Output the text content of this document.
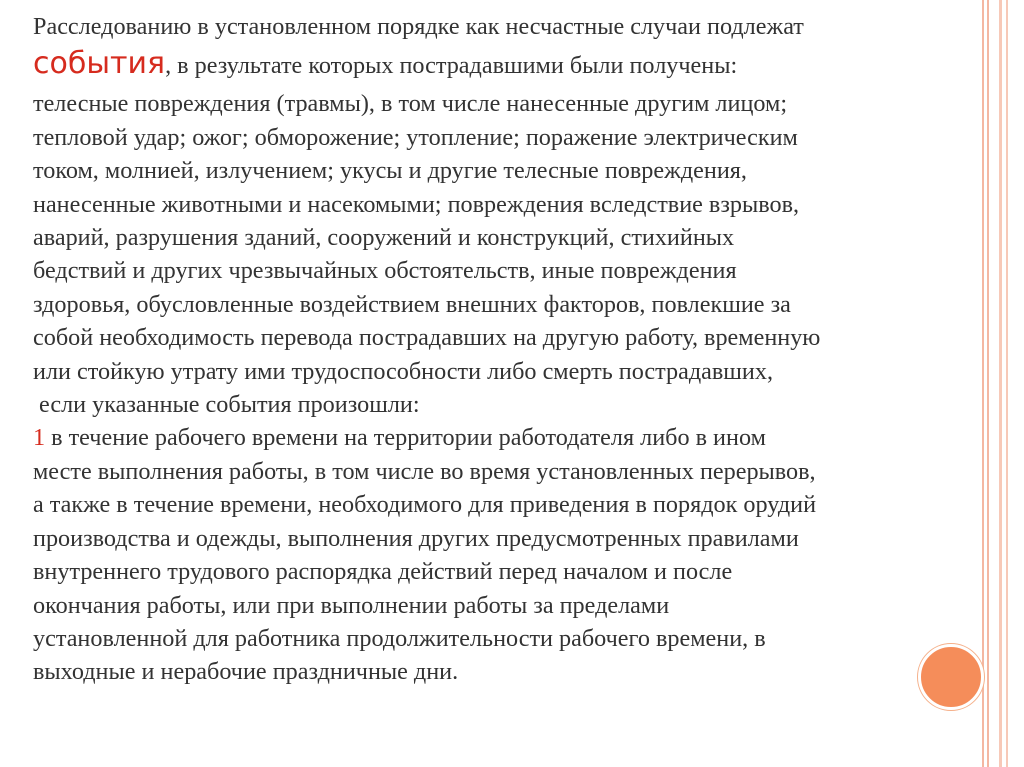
Расследованию в установленном порядке как несчастные случаи подлежат
события, в результате которых пострадавшими были получены:
телесные повреждения (травмы), в том числе нанесенные другим лицом;
тепловой удар; ожог; обморожение; утопление; поражение электрическим
током, молнией, излучением; укусы и другие телесные повреждения,
нанесенные животными и насекомыми; повреждения вследствие взрывов,
аварий, разрушения зданий, сооружений и конструкций, стихийных
бедствий и других чрезвычайных обстоятельств, иные повреждения
здоровья, обусловленные воздействием внешних факторов, повлекшие за
собой необходимость перевода пострадавших на другую работу, временную
или стойкую утрату ими трудоспособности либо смерть пострадавших,
если указанные события произошли:
1 в течение рабочего времени на территории работодателя либо в ином
месте выполнения работы, в том числе во время установленных перерывов,
а также в течение времени, необходимого для приведения в порядок орудий
производства и одежды, выполнения других предусмотренных правилами
внутреннего трудового распорядка действий перед началом и после
окончания работы, или при выполнении работы за пределами
установленной для работника продолжительности рабочего времени, в
выходные и нерабочие праздничные дни.
